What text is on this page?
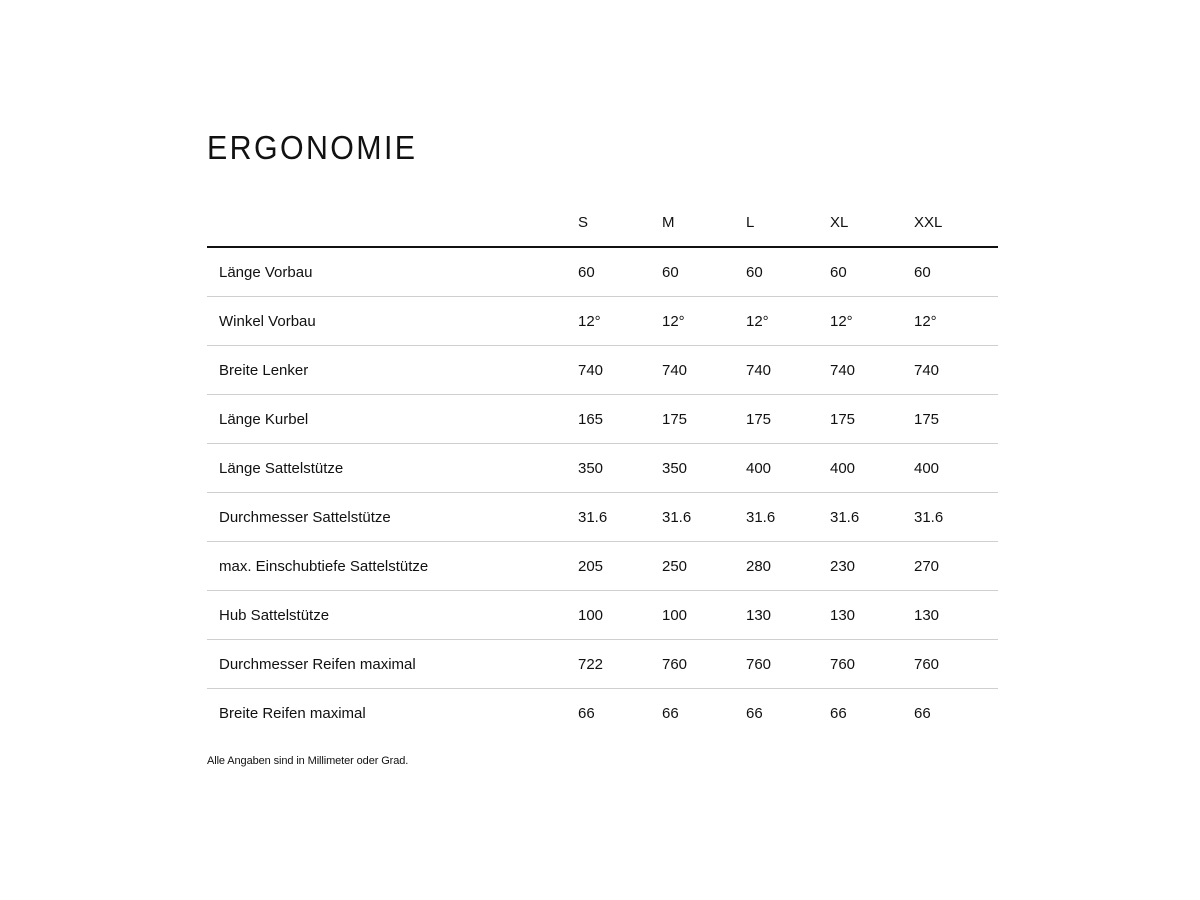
ERGONOMIE
	S	M	L	XL	XXL
Länge Vorbau	60	60	60	60	60
Winkel Vorbau	12°	12°	12°	12°	12°
Breite Lenker	740	740	740	740	740
Länge Kurbel	165	175	175	175	175
Länge Sattelstütze	350	350	400	400	400
Durchmesser Sattelstütze	31.6	31.6	31.6	31.6	31.6
max. Einschubtiefe Sattelstütze	205	250	280	230	270
Hub Sattelstütze	100	100	130	130	130
Durchmesser Reifen maximal	722	760	760	760	760
Breite Reifen maximal	66	66	66	66	66

Alle Angaben sind in Millimeter oder Grad.
